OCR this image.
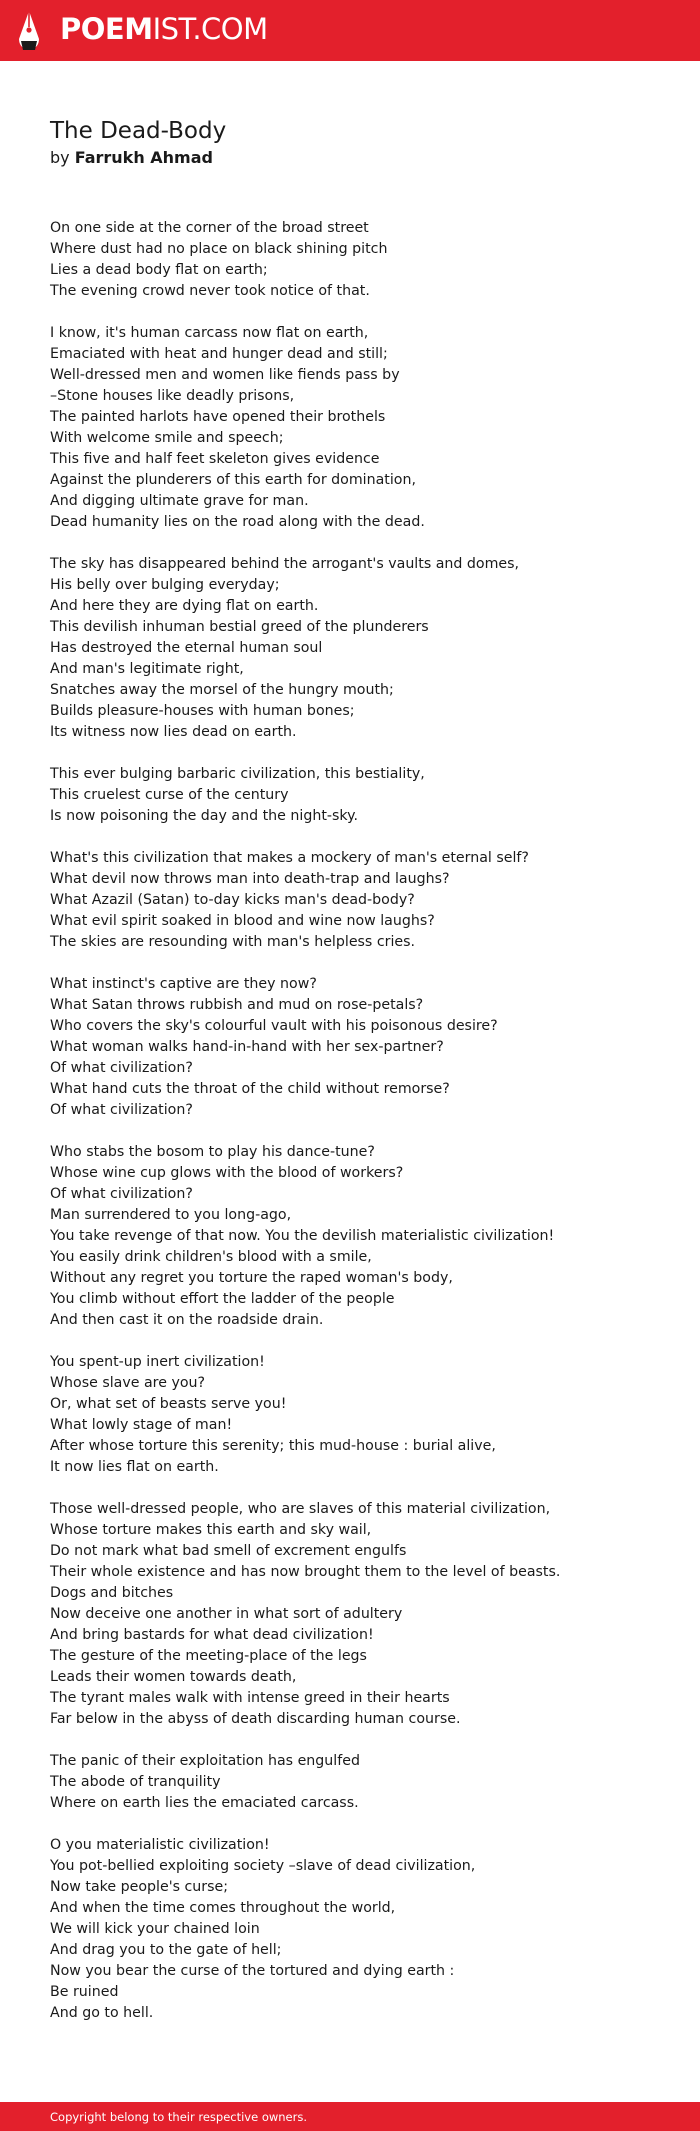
POEMIST.COM
The Dead-Body
by Farrukh Ahmad
On one side at the corner of the broad street
Where dust had no place on black shining pitch
Lies a dead body flat on earth;
The evening crowd never took notice of that.
I know, it's human carcass now flat on earth,
Emaciated with heat and hunger dead and still;
Well-dressed men and women like fiends pass by
–Stone houses like deadly prisons,
The painted harlots have opened their brothels
With welcome smile and speech;
This five and half feet skeleton gives evidence
Against the plunderers of this earth for domination,
And digging ultimate grave for man.
Dead humanity lies on the road along with the dead.
The sky has disappeared behind the arrogant's vaults and domes,
His belly over bulging everyday;
And here they are dying flat on earth.
This devilish inhuman bestial greed of the plunderers
Has destroyed the eternal human soul
And man's legitimate right,
Snatches away the morsel of the hungry mouth;
Builds pleasure-houses with human bones;
Its witness now lies dead on earth.
This ever bulging barbaric civilization, this bestiality,
This cruelest curse of the century
Is now poisoning the day and the night-sky.
What's this civilization that makes a mockery of man's eternal self?
What devil now throws man into death-trap and laughs?
What Azazil (Satan) to-day kicks man's dead-body?
What evil spirit soaked in blood and wine now laughs?
The skies are resounding with man's helpless cries.
What instinct's captive are they now?
What Satan throws rubbish and mud on rose-petals?
Who covers the sky's colourful vault with his poisonous desire?
What woman walks hand-in-hand with her sex-partner?
Of what civilization?
What hand cuts the throat of the child without remorse?
Of what civilization?
Who stabs the bosom to play his dance-tune?
Whose wine cup glows with the blood of workers?
Of what civilization?
Man surrendered to you long-ago,
You take revenge of that now. You the devilish materialistic civilization!
You easily drink children's blood with a smile,
Without any regret you torture the raped woman's body,
You climb without effort the ladder of the people
And then cast it on the roadside drain.
You spent-up inert civilization!
Whose slave are you?
Or, what set of beasts serve you!
What lowly stage of man!
After whose torture this serenity; this mud-house : burial alive,
It now lies flat on earth.
Those well-dressed people, who are slaves of this material civilization,
Whose torture makes this earth and sky wail,
Do not mark what bad smell of excrement engulfs
Their whole existence and has now brought them to the level of beasts.
Dogs and bitches
Now deceive one another in what sort of adultery
And bring bastards for what dead civilization!
The gesture of the meeting-place of the legs
Leads their women towards death,
The tyrant males walk with intense greed in their hearts
Far below in the abyss of death discarding human course.
The panic of their exploitation has engulfed
The abode of tranquility
Where on earth lies the emaciated carcass.
O you materialistic civilization!
You pot-bellied exploiting society –slave of dead civilization,
Now take people's curse;
And when the time comes throughout the world,
We will kick your chained loin
And drag you to the gate of hell;
Now you bear the curse of the tortured and dying earth :
Be ruined
And go to hell.
Copyright belong to their respective owners.
